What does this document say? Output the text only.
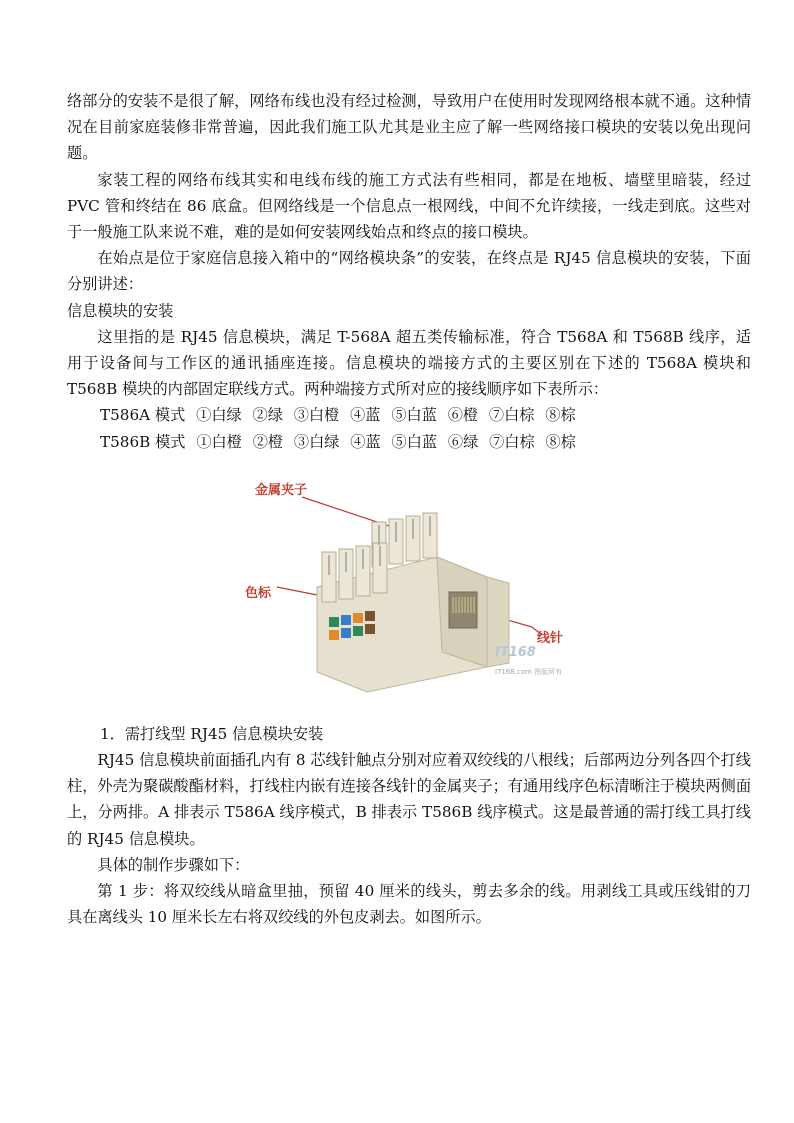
络部分的安装不是很了解，网络布线也没有经过检测，导致用户在使用时发现网络根本就不通。这种情况在目前家庭装修非常普遍，因此我们施工队尤其是业主应了解一些网络接口模块的安装以免出现问题。

家装工程的网络布线其实和电线布线的施工方式法有些相同，都是在地板、墙壁里暗装，经过 PVC 管和终结在 86 底盒。但网络线是一个信息点一根网线，中间不允许续接，一线走到底。这些对于一般施工队来说不难，难的是如何安装网线始点和终点的接口模块。

在始点是位于家庭信息接入箱中的“网络模块条”的安装，在终点是 RJ45 信息模块的安装，下面分别讲述：

信息模块的安装

这里指的是 RJ45 信息模块，满足 T-568A 超五类传输标准，符合 T568A 和 T568B 线序，适用于设备间与工作区的通讯插座连接。信息模块的端接方式的主要区别在下述的 T568A 模块和 T568B 模块的内部固定联线方式。两种端接方式所对应的接线顺序如下表所示：

T586A 模式 ①白绿 ②绿 ③白橙 ④蓝 ⑤白蓝 ⑥橙 ⑦白棕 ⑧棕

T586B 模式 ①白橙 ②橙 ③白绿 ④蓝 ⑤白蓝 ⑥绿 ⑦白棕 ⑧棕

金属夹子
色标
线针
IT168
IT168.com 图版所有

1．需打线型 RJ45 信息模块安装

RJ45 信息模块前面插孔内有 8 芯线针触点分别对应着双绞线的八根线；后部两边分列各四个打线柱，外壳为聚碳酸酯材料，打线柱内嵌有连接各线针的金属夹子；有通用线序色标清晰注于模块两侧面上，分两排。A 排表示 T586A 线序模式，B 排表示 T586B 线序模式。这是最普通的需打线工具打线的 RJ45 信息模块。

具体的制作步骤如下：

第 1 步：将双绞线从暗盒里抽，预留 40 厘米的线头，剪去多余的线。用剥线工具或压线钳的刀具在离线头 10 厘米长左右将双绞线的外包皮剥去。如图所示。
